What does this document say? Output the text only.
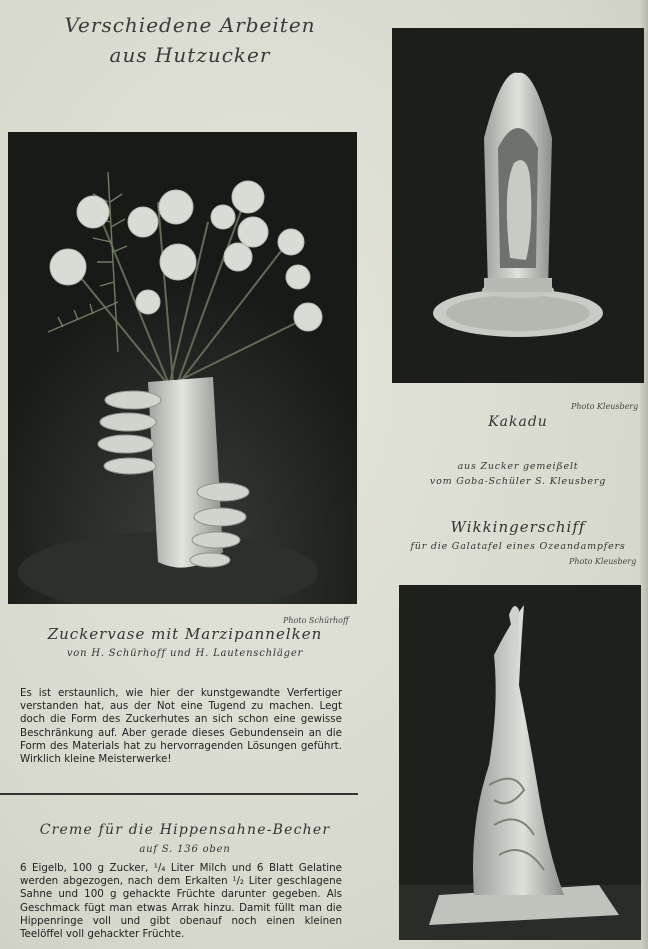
Verschiedene Arbeiten
aus Hutzucker
Photo Schürhoff
Zuckervase mit Marzipannelken
von H. Schürhoff und H. Lautenschläger
Es ist erstaunlich, wie hier der kunstgewandte Verfertiger verstanden hat, aus der Not eine Tugend zu machen. Legt doch die Form des Zuckerhutes an sich schon eine gewisse Beschränkung auf. Aber gerade dieses Gebundensein an die Form des Materials hat zu hervorragenden Lösungen geführt. Wirklich kleine Meisterwerke!
Creme für die Hippensahne-Becher
auf S. 136 oben
6 Eigelb, 100 g Zucker, ¹/₄ Liter Milch und 6 Blatt Gelatine werden abgezogen, nach dem Erkalten ¹/₂ Liter geschlagene Sahne und 100 g gehackte Früchte darunter gegeben. Als Geschmack fügt man etwas Arrak hinzu. Damit füllt man die Hippenringe voll und gibt obenauf noch einen kleinen Teelöffel voll gehackter Früchte.
Photo Kleusberg
Kakadu
aus Zucker gemeißelt
vom Goba-Schüler S. Kleusberg
Wikkingerschiff
für die Galatafel eines Ozeandampfers
Photo Kleusberg
